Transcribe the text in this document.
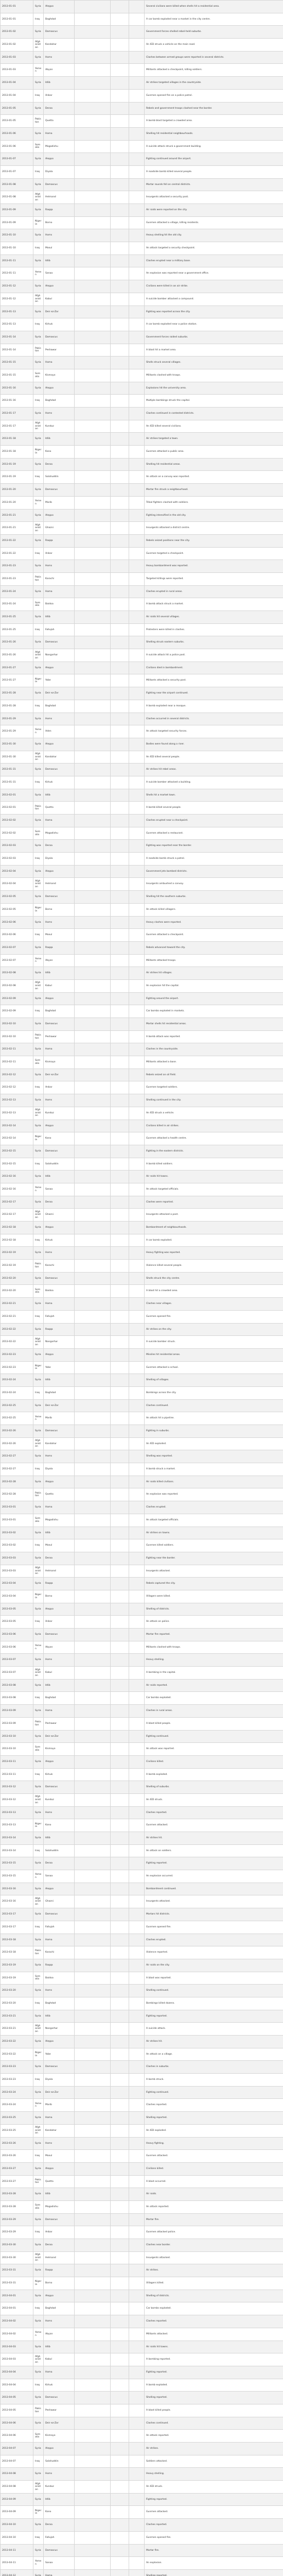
2013-01-01	Syria	Aleppo				Several civilians were killed when shells hit a residential area.
2013-01-01	Iraq	Baghdad				A car bomb exploded near a market in the city centre.
2013-01-02	Syria	Damascus				Government forces shelled rebel-held suburbs.
2013-01-02	Afghanistan	Kandahar				An IED struck a vehicle on the main road.
2013-01-03	Syria	Homs				Clashes between armed groups were reported in several districts.
2013-01-03	Yemen	Abyan				Militants attacked a checkpoint, killing soldiers.
2013-01-04	Syria	Idlib				Air strikes targeted villages in the countryside.
2013-01-04	Iraq	Anbar				Gunmen opened fire on a police patrol.
2013-01-05	Syria	Deraa				Rebels and government troops clashed near the border.
2013-01-05	Pakistan	Quetta				A bomb blast targeted a crowded area.
2013-01-06	Syria	Hama				Shelling hit residential neighbourhoods.
2013-01-06	Somalia	Mogadishu				A suicide attack struck a government building.
2013-01-07	Syria	Aleppo				Fighting continued around the airport.
2013-01-07	Iraq	Diyala				A roadside bomb killed several people.
2013-01-08	Syria	Damascus				Mortar rounds fell on central districts.
2013-01-08	Afghanistan	Helmand				Insurgents attacked a security post.
2013-01-09	Syria	Raqqa				Air raids were reported on the city.
2013-01-09	Nigeria	Borno				Gunmen attacked a village, killing residents.
2013-01-10	Syria	Homs				Heavy shelling hit the old city.
2013-01-10	Iraq	Mosul				An attack targeted a security checkpoint.
2013-01-11	Syria	Idlib				Clashes erupted near a military base.
2013-01-11	Yemen	Sanaa				An explosion was reported near a government office.
2013-01-12	Syria	Aleppo				Civilians were killed in an air strike.
2013-01-12	Afghanistan	Kabul				A suicide bomber attacked a compound.
2013-01-13	Syria	Deir ez-Zor				Fighting was reported across the city.
2013-01-13	Iraq	Kirkuk				A car bomb exploded near a police station.
2013-01-14	Syria	Damascus				Government forces raided suburbs.
2013-01-14	Pakistan	Peshawar				A blast hit a market area.
2013-01-15	Syria	Hama				Shells struck several villages.
2013-01-15	Somalia	Kismayo				Militants clashed with troops.
2013-01-16	Syria	Aleppo				Explosions hit the university area.
2013-01-16	Iraq	Baghdad				Multiple bombings struck the capital.
2013-01-17	Syria	Homs				Clashes continued in contested districts.
2013-01-17	Afghanistan	Kunduz				An IED killed several civilians.
2013-01-18	Syria	Idlib				Air strikes targeted a town.
2013-01-18	Nigeria	Kano				Gunmen attacked a public area.
2013-01-19	Syria	Deraa				Shelling hit residential areas.
2013-01-19	Iraq	Salahuddin				An attack on a convoy was reported.
2013-01-20	Syria	Damascus				Mortar fire struck a neighbourhood.
2013-01-20	Yemen	Marib				Tribal fighters clashed with soldiers.
2013-01-21	Syria	Aleppo				Fighting intensified in the old city.
2013-01-21	Afghanistan	Ghazni				Insurgents attacked a district centre.
2013-01-22	Syria	Raqqa				Rebels seized positions near the city.
2013-01-22	Iraq	Anbar				Gunmen targeted a checkpoint.
2013-01-23	Syria	Homs				Heavy bombardment was reported.
2013-01-23	Pakistan	Karachi				Targeted killings were reported.
2013-01-24	Syria	Hama				Clashes erupted in rural areas.
2013-01-24	Somalia	Baidoa				A bomb attack struck a market.
2013-01-25	Syria	Idlib				Air raids hit several villages.
2013-01-25	Iraq	Fallujah				Protesters were killed in clashes.
2013-01-26	Syria	Damascus				Shelling struck eastern suburbs.
2013-01-26	Afghanistan	Nangarhar				A suicide attack hit a police post.
2013-01-27	Syria	Aleppo				Civilians died in bombardment.
2013-01-27	Nigeria	Yobe				Militants attacked a security post.
2013-01-28	Syria	Deir ez-Zor				Fighting near the airport continued.
2013-01-28	Iraq	Baghdad				A bomb exploded near a mosque.
2013-01-29	Syria	Homs				Clashes occurred in several districts.
2013-01-29	Yemen	Aden				An attack targeted security forces.
2013-01-30	Syria	Aleppo				Bodies were found along a river.
2013-01-30	Afghanistan	Kandahar				An IED killed several people.
2013-01-31	Syria	Damascus				Air strikes hit rebel areas.
2013-01-31	Iraq	Kirkuk				A suicide bomber attacked a building.
2013-02-01	Syria	Idlib				Shells hit a market town.
2013-02-01	Pakistan	Quetta				A bomb killed several people.
2013-02-02	Syria	Hama				Clashes erupted near a checkpoint.
2013-02-02	Somalia	Mogadishu				Gunmen attacked a restaurant.
2013-02-03	Syria	Deraa				Fighting was reported near the border.
2013-02-03	Iraq	Diyala				A roadside bomb struck a patrol.
2013-02-04	Syria	Aleppo				Government jets bombed districts.
2013-02-04	Afghanistan	Helmand				Insurgents ambushed a convoy.
2013-02-05	Syria	Damascus				Shelling hit the southern suburbs.
2013-02-05	Nigeria	Borno				An attack killed villagers.
2013-02-06	Syria	Homs				Heavy clashes were reported.
2013-02-06	Iraq	Mosul				Gunmen attacked a checkpoint.
2013-02-07	Syria	Raqqa				Rebels advanced toward the city.
2013-02-07	Yemen	Abyan				Militants attacked troops.
2013-02-08	Syria	Idlib				Air strikes hit villages.
2013-02-08	Afghanistan	Kabul				An explosion hit the capital.
2013-02-09	Syria	Aleppo				Fighting around the airport.
2013-02-09	Iraq	Baghdad				Car bombs exploded in markets.
2013-02-10	Syria	Damascus				Mortar shells hit residential areas.
2013-02-10	Pakistan	Peshawar				A bomb attack was reported.
2013-02-11	Syria	Hama				Clashes in the countryside.
2013-02-11	Somalia	Kismayo				Militants attacked a base.
2013-02-12	Syria	Deir ez-Zor				Rebels seized an oil field.
2013-02-12	Iraq	Anbar				Gunmen targeted soldiers.
2013-02-13	Syria	Homs				Shelling continued in the city.
2013-02-13	Afghanistan	Kunduz				An IED struck a vehicle.
2013-02-14	Syria	Aleppo				Civilians killed in air strikes.
2013-02-14	Nigeria	Kano				Gunmen attacked a health centre.
2013-02-15	Syria	Damascus				Fighting in the eastern districts.
2013-02-15	Iraq	Salahuddin				A bomb killed soldiers.
2013-02-16	Syria	Idlib				Air raids hit towns.
2013-02-16	Yemen	Sanaa				An attack targeted officials.
2013-02-17	Syria	Deraa				Clashes were reported.
2013-02-17	Afghanistan	Ghazni				Insurgents attacked a post.
2013-02-18	Syria	Aleppo				Bombardment of neighbourhoods.
2013-02-18	Iraq	Kirkuk				A car bomb exploded.
2013-02-19	Syria	Homs				Heavy fighting was reported.
2013-02-19	Pakistan	Karachi				Violence killed several people.
2013-02-20	Syria	Damascus				Shells struck the city centre.
2013-02-20	Somalia	Baidoa				A blast hit a crowded area.
2013-02-21	Syria	Hama				Clashes near villages.
2013-02-21	Iraq	Fallujah				Gunmen opened fire.
2013-02-22	Syria	Raqqa				Air strikes on the city.
2013-02-22	Afghanistan	Nangarhar				A suicide bomber struck.
2013-02-23	Syria	Aleppo				Missiles hit residential areas.
2013-02-23	Nigeria	Yobe				Gunmen attacked a school.
2013-02-24	Syria	Idlib				Shelling of villages.
2013-02-24	Iraq	Baghdad				Bombings across the city.
2013-02-25	Syria	Deir ez-Zor				Clashes continued.
2013-02-25	Yemen	Marib				An attack hit a pipeline.
2013-02-26	Syria	Damascus				Fighting in suburbs.
2013-02-26	Afghanistan	Kandahar				An IED exploded.
2013-02-27	Syria	Homs				Shelling was reported.
2013-02-27	Iraq	Diyala				A bomb struck a market.
2013-02-28	Syria	Aleppo				Air raids killed civilians.
2013-02-28	Pakistan	Quetta				An explosion was reported.
2013-03-01	Syria	Hama				Clashes erupted.
2013-03-01	Somalia	Mogadishu				An attack targeted officials.
2013-03-02	Syria	Idlib				Air strikes on towns.
2013-03-02	Iraq	Mosul				Gunmen killed soldiers.
2013-03-03	Syria	Deraa				Fighting near the border.
2013-03-03	Afghanistan	Helmand				Insurgents attacked.
2013-03-04	Syria	Raqqa				Rebels captured the city.
2013-03-04	Nigeria	Borno				Villagers were killed.
2013-03-05	Syria	Aleppo				Shelling of districts.
2013-03-05	Iraq	Anbar				An attack on police.
2013-03-06	Syria	Damascus				Mortar fire reported.
2013-03-06	Yemen	Abyan				Militants clashed with troops.
2013-03-07	Syria	Homs				Heavy shelling.
2013-03-07	Afghanistan	Kabul				A bombing in the capital.
2013-03-08	Syria	Idlib				Air raids reported.
2013-03-08	Iraq	Baghdad				Car bombs exploded.
2013-03-09	Syria	Hama				Clashes in rural areas.
2013-03-09	Pakistan	Peshawar				A blast killed people.
2013-03-10	Syria	Deir ez-Zor				Fighting continued.
2013-03-10	Somalia	Kismayo				An attack was reported.
2013-03-11	Syria	Aleppo				Civilians killed.
2013-03-11	Iraq	Kirkuk				A bomb exploded.
2013-03-12	Syria	Damascus				Shelling of suburbs.
2013-03-12	Afghanistan	Kunduz				An IED struck.
2013-03-13	Syria	Homs				Clashes reported.
2013-03-13	Nigeria	Kano				Gunmen attacked.
2013-03-14	Syria	Idlib				Air strikes hit.
2013-03-14	Iraq	Salahuddin				An attack on soldiers.
2013-03-15	Syria	Deraa				Fighting reported.
2013-03-15	Yemen	Sanaa				An explosion occurred.
2013-03-16	Syria	Aleppo				Bombardment continued.
2013-03-16	Afghanistan	Ghazni				Insurgents attacked.
2013-03-17	Syria	Damascus				Mortars hit districts.
2013-03-17	Iraq	Fallujah				Gunmen opened fire.
2013-03-18	Syria	Hama				Clashes erupted.
2013-03-18	Pakistan	Karachi				Violence reported.
2013-03-19	Syria	Raqqa				Air raids on the city.
2013-03-19	Somalia	Baidoa				A blast was reported.
2013-03-20	Syria	Homs				Shelling continued.
2013-03-20	Iraq	Baghdad				Bombings killed dozens.
2013-03-21	Syria	Idlib				Fighting reported.
2013-03-21	Afghanistan	Nangarhar				A suicide attack.
2013-03-22	Syria	Aleppo				Air strikes hit.
2013-03-22	Nigeria	Yobe				An attack on a village.
2013-03-23	Syria	Damascus				Clashes in suburbs.
2013-03-23	Iraq	Diyala				A bomb struck.
2013-03-24	Syria	Deir ez-Zor				Fighting continued.
2013-03-24	Yemen	Marib				Clashes reported.
2013-03-25	Syria	Hama				Shelling reported.
2013-03-25	Afghanistan	Kandahar				An IED exploded.
2013-03-26	Syria	Homs				Heavy fighting.
2013-03-26	Iraq	Mosul				Gunmen attacked.
2013-03-27	Syria	Aleppo				Civilians killed.
2013-03-27	Pakistan	Quetta				A blast occurred.
2013-03-28	Syria	Idlib				Air raids.
2013-03-28	Somalia	Mogadishu				An attack reported.
2013-03-29	Syria	Damascus				Mortar fire.
2013-03-29	Iraq	Anbar				Gunmen attacked police.
2013-03-30	Syria	Deraa				Clashes near border.
2013-03-30	Afghanistan	Helmand				Insurgents attacked.
2013-03-31	Syria	Raqqa				Air strikes.
2013-03-31	Nigeria	Borno				Villagers killed.
2013-04-01	Syria	Aleppo				Shelling of districts.
2013-04-01	Iraq	Baghdad				Car bombs exploded.
2013-04-02	Syria	Homs				Clashes reported.
2013-04-02	Yemen	Abyan				Militants attacked.
2013-04-03	Syria	Idlib				Air raids hit towns.
2013-04-03	Afghanistan	Kabul				A bombing reported.
2013-04-04	Syria	Hama				Fighting reported.
2013-04-04	Iraq	Kirkuk				A bomb exploded.
2013-04-05	Syria	Damascus				Shelling reported.
2013-04-05	Pakistan	Peshawar				A blast killed people.
2013-04-06	Syria	Deir ez-Zor				Clashes continued.
2013-04-06	Somalia	Kismayo				An attack reported.
2013-04-07	Syria	Aleppo				Air strikes.
2013-04-07	Iraq	Salahuddin				Soldiers attacked.
2013-04-08	Syria	Homs				Heavy shelling.
2013-04-08	Afghanistan	Kunduz				An IED struck.
2013-04-09	Syria	Idlib				Fighting reported.
2013-04-09	Nigeria	Kano				Gunmen attacked.
2013-04-10	Syria	Deraa				Clashes reported.
2013-04-10	Iraq	Fallujah				Gunmen opened fire.
2013-04-11	Syria	Damascus				Mortar fire.
2013-04-11	Yemen	Sanaa				An explosion.
2013-04-12	Syria	Hama				Shelling reported.
